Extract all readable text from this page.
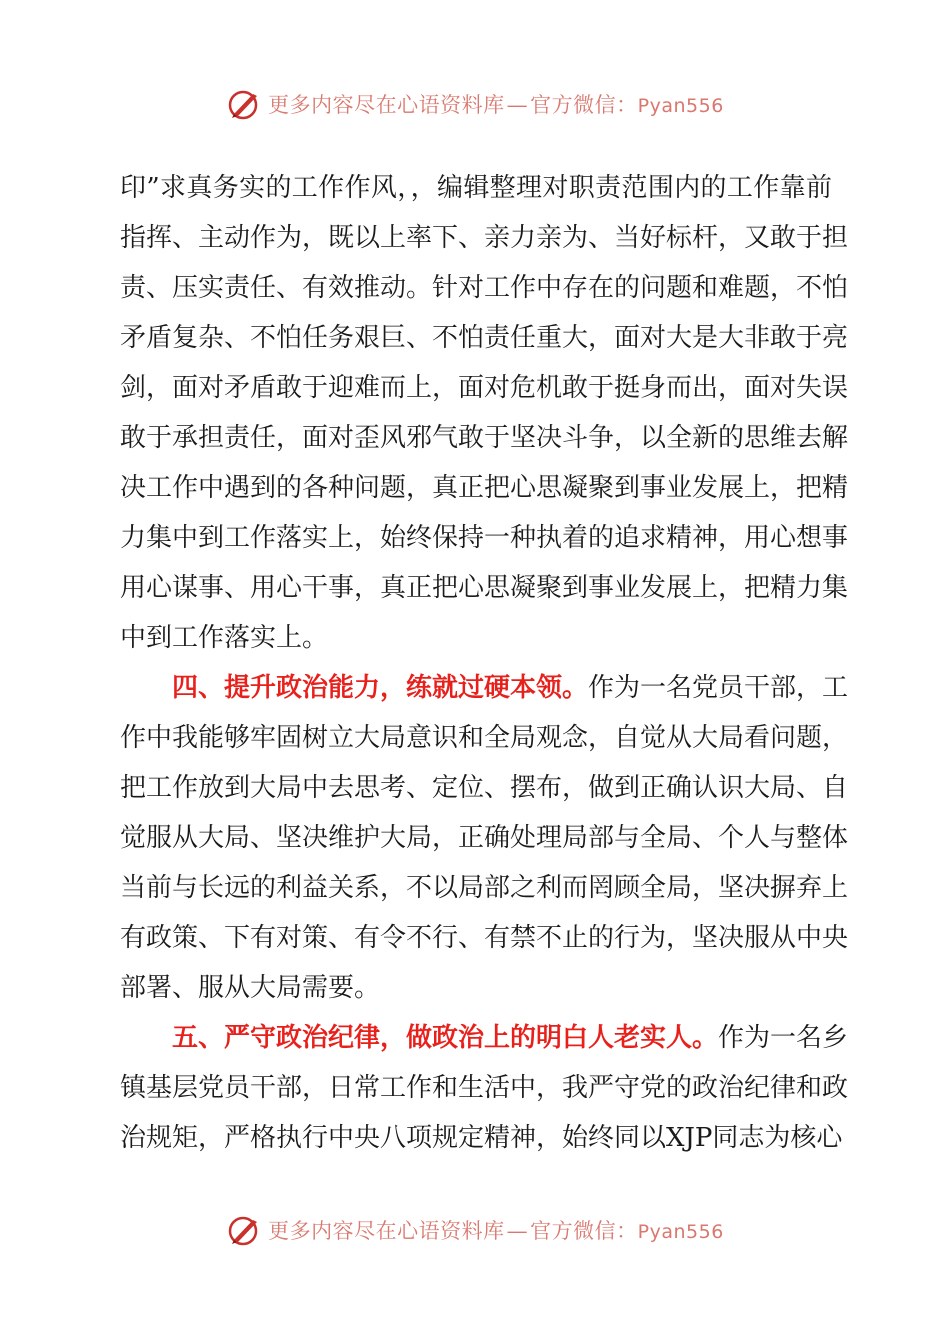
更多内容尽在心语资料库—官方微信：Pyan556
印”求真务实的工作作风，，编辑整理对职责范围内的工作靠前
指挥、主动作为，既以上率下、亲力亲为、当好标杆，又敢于担
责、压实责任、有效推动。针对工作中存在的问题和难题，不怕
矛盾复杂、不怕任务艰巨、不怕责任重大，面对大是大非敢于亮
剑，面对矛盾敢于迎难而上，面对危机敢于挺身而出，面对失误
敢于承担责任，面对歪风邪气敢于坚决斗争，以全新的思维去解
决工作中遇到的各种问题，真正把心思凝聚到事业发展上，把精
力集中到工作落实上，始终保持一种执着的追求精神，用心想事
用心谋事、用心干事，真正把心思凝聚到事业发展上，把精力集
中到工作落实上。
四、提升政治能力，练就过硬本领。作为一名党员干部，工
作中我能够牢固树立大局意识和全局观念，自觉从大局看问题，
把工作放到大局中去思考、定位、摆布，做到正确认识大局、自
觉服从大局、坚决维护大局，正确处理局部与全局、个人与整体
当前与长远的利益关系，不以局部之利而罔顾全局，坚决摒弃上
有政策、下有对策、有令不行、有禁不止的行为，坚决服从中央
部署、服从大局需要。
五、严守政治纪律，做政治上的明白人老实人。作为一名乡
镇基层党员干部，日常工作和生活中，我严守党的政治纪律和政
治规矩，严格执行中央八项规定精神，始终同以XJP同志为核心
更多内容尽在心语资料库—官方微信：Pyan556
